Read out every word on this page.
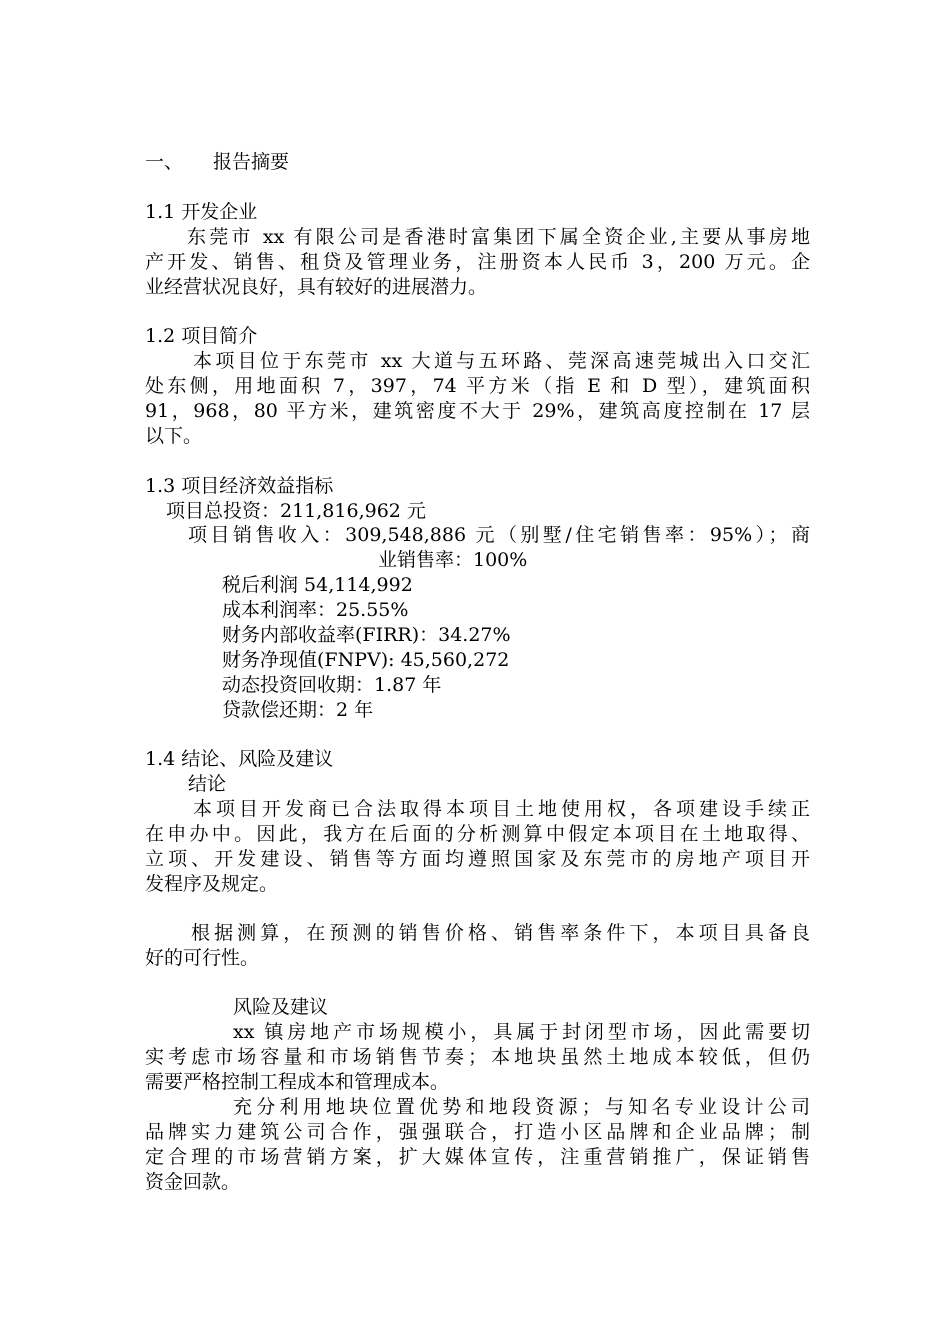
一、 报告摘要
1.1 开发企业
东莞市 xx 有限公司是香港时富集团下属全资企业,主要从事房地
产开发、销售、租贷及管理业务，注册资本人民币 3，200 万元。企
业经营状况良好，具有较好的进展潜力。
1.2 项目简介
本项目位于东莞市 xx 大道与五环路、莞深高速莞城出入口交汇
处东侧，用地面积 7，397，74 平方米（指 E 和 D 型），建筑面积
91，968，80 平方米，建筑密度不大于 29%，建筑高度控制在 17 层
以下。
1.3 项目经济效益指标
项目总投资：211,816,962 元
项目销售收入：309,548,886 元（别墅/住宅销售率：95%）；商
业销售率：100%
税后利润 54,114,992
成本利润率：25.55%
财务内部收益率(FIRR)：34.27%
财务净现值(FNPV): 45,560,272
动态投资回收期：1.87 年
贷款偿还期：2 年
1.4 结论、风险及建议
结论
本项目开发商已合法取得本项目土地使用权，各项建设手续正
在申办中。因此，我方在后面的分析测算中假定本项目在土地取得、
立项、开发建设、销售等方面均遵照国家及东莞市的房地产项目开
发程序及规定。
根据测算，在预测的销售价格、销售率条件下，本项目具备良
好的可行性。
风险及建议
xx 镇房地产市场规模小，具属于封闭型市场，因此需要切
实考虑市场容量和市场销售节奏；本地块虽然土地成本较低，但仍
需要严格控制工程成本和管理成本。
充分利用地块位置优势和地段资源；与知名专业设计公司
品牌实力建筑公司合作，强强联合，打造小区品牌和企业品牌；制
定合理的市场营销方案，扩大媒体宣传，注重营销推广，保证销售
资金回款。
